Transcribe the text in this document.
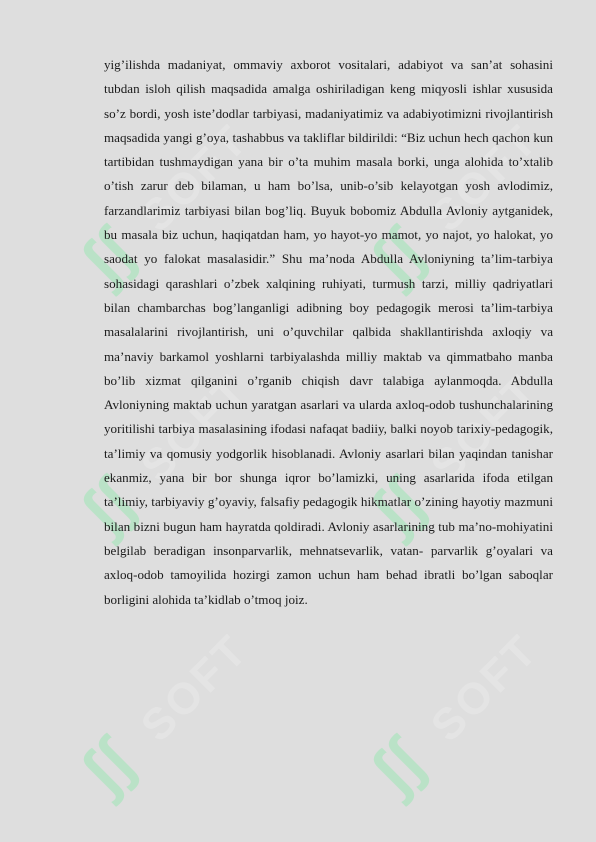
ʃʃ
SOFT
ʃʃ
SOFT
ʃʃ
SOFT
ʃʃ
SOFT
ʃʃ
SOFT
ʃʃ
SOFT

yig’ilishda madaniyat, ommaviy axborot vositalari, adabiyot va san’at sohasini tubdan isloh qilish maqsadida amalga oshiriladigan keng miqyosli ishlar xususida so’z bordi, yosh iste’dodlar tarbiyasi, madaniyatimiz va adabiyotimizni rivojlantirish maqsadida yangi g’oya, tashabbus va takliflar bildirildi: “Biz uchun hech qachon kun tartibidan tushmaydigan yana bir o’ta muhim masala borki, unga alohida to’xtalib o’tish zarur deb bilaman, u ham bo’lsa, unib-o’sib kelayotgan yosh avlodimiz, farzandlarimiz tarbiyasi bilan bog’liq. Buyuk bobomiz Abdulla Avloniy aytganidek, bu masala biz uchun, haqiqatdan ham, yo hayot-yo mamot, yo najot, yo halokat, yo saodat yo falokat masalasidir.” Shu ma’noda Abdulla Avloniyning ta’lim-tarbiya sohasidagi qarashlari o’zbek xalqining ruhiyati, turmush tarzi, milliy qadriyatlari bilan chambarchas bog’langanligi adibning boy pedagogik merosi ta’lim-tarbiya masalalarini rivojlantirish, uni o’quvchilar qalbida shakllantirishda axloqiy va ma’naviy barkamol yoshlarni tarbiyalashda milliy maktab va qimmatbaho manba bo’lib xizmat qilganini o’rganib chiqish davr talabiga aylanmoqda. Abdulla Avloniyning maktab uchun yaratgan asarlari va ularda axloq-odob tushunchalarining yoritilishi tarbiya masalasining ifodasi nafaqat badiiy, balki noyob tarixiy-pedagogik, ta’limiy va qomusiy yodgorlik hisoblanadi. Avloniy asarlari bilan yaqindan tanishar ekanmiz, yana bir bor shunga iqror bo’lamizki, uning asarlarida ifoda etilgan ta’limiy, tarbiyaviy g’oyaviy, falsafiy pedagogik hikmatlar o’zining hayotiy mazmuni bilan bizni bugun ham hayratda qoldiradi. Avloniy asarlarining tub ma’no-mohiyatini belgilab beradigan insonparvarlik, mehnatsevarlik, vatan- parvarlik g’oyalari va axloq-odob tamoyilida hozirgi zamon uchun ham behad ibratli bo’lgan saboqlar borligini alohida ta’kidlab o’tmoq joiz.
